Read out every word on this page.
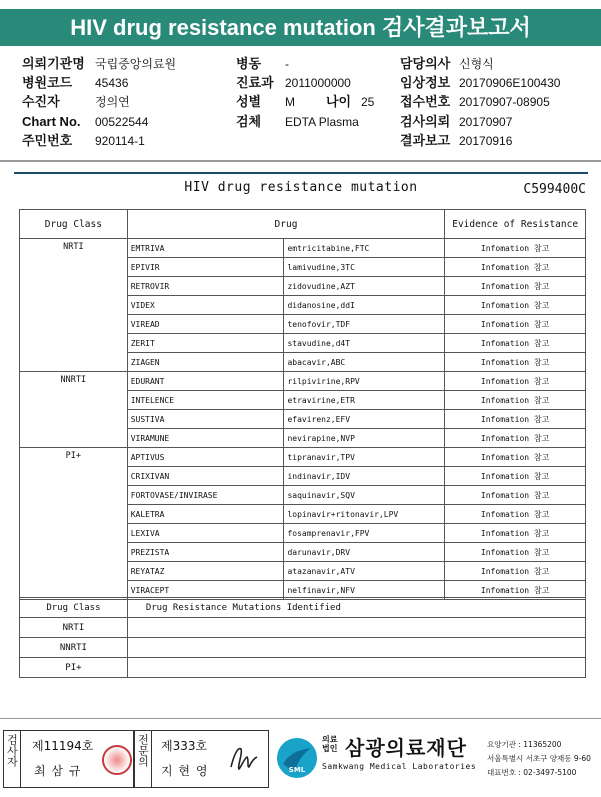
HIV drug resistance mutation 검사결과보고서
의뢰기관명 국립중앙의료원
병원코드 45436
수진자	정의연
Chart No. 00522544
주민번호 920114-1
병동 -
진료과 2011000000
성별 M 나이 25
검체 EDTA Plasma
담당의사 신형식
임상정보 20170906E100430
접수번호 20170907-08905
검사의뢰 20170907
결과보고 20170916
HIV drug resistance mutation	C599400C
Drug Class	Drug		Evidence of Resistance
NRTI	EMTRIVA	emtricitabine,FTC	Infomation 참고
	EPIVIR	lamivudine,3TC	Infomation 참고
	RETROVIR	zidovudine,AZT	Infomation 참고
	VIDEX	didanosine,ddI	Infomation 참고
	VIREAD	tenofovir,TDF	Infomation 참고
	ZERIT	stavudine,d4T	Infomation 참고
	ZIAGEN	abacavir,ABC	Infomation 참고
NNRTI	EDURANT	rilpivirine,RPV	Infomation 참고
	INTELENCE	etravirine,ETR	Infomation 참고
	SUSTIVA	efavirenz,EFV	Infomation 참고
	VIRAMUNE	nevirapine,NVP	Infomation 참고
PI+	APTIVUS	tipranavir,TPV	Infomation 참고
	CRIXIVAN	indinavir,IDV	Infomation 참고
	FORTOVASE/INVIRASE	saquinavir,SQV	Infomation 참고
	KALETRA	lopinavir+ritonavir,LPV	Infomation 참고
	LEXIVA	fosamprenavir,FPV	Infomation 참고
	PREZISTA	darunavir,DRV	Infomation 참고
	REYATAZ	atazanavir,ATV	Infomation 참고
	VIRACEPT	nelfinavir,NFV	Infomation 참고
Drug Class	Drug Resistance Mutations Identified
NRTI	
NNRTI	
PI+	
검사자 제11194호
최 삼 규
전문의 제333호
지 현 영	SML
의료
법인 삼광의료재단
Samkwang Medical Laboratories
요양기관 : 11365200
서울특별시 서초구 양재동 9-60
대표번호 : 02-3497-5100
